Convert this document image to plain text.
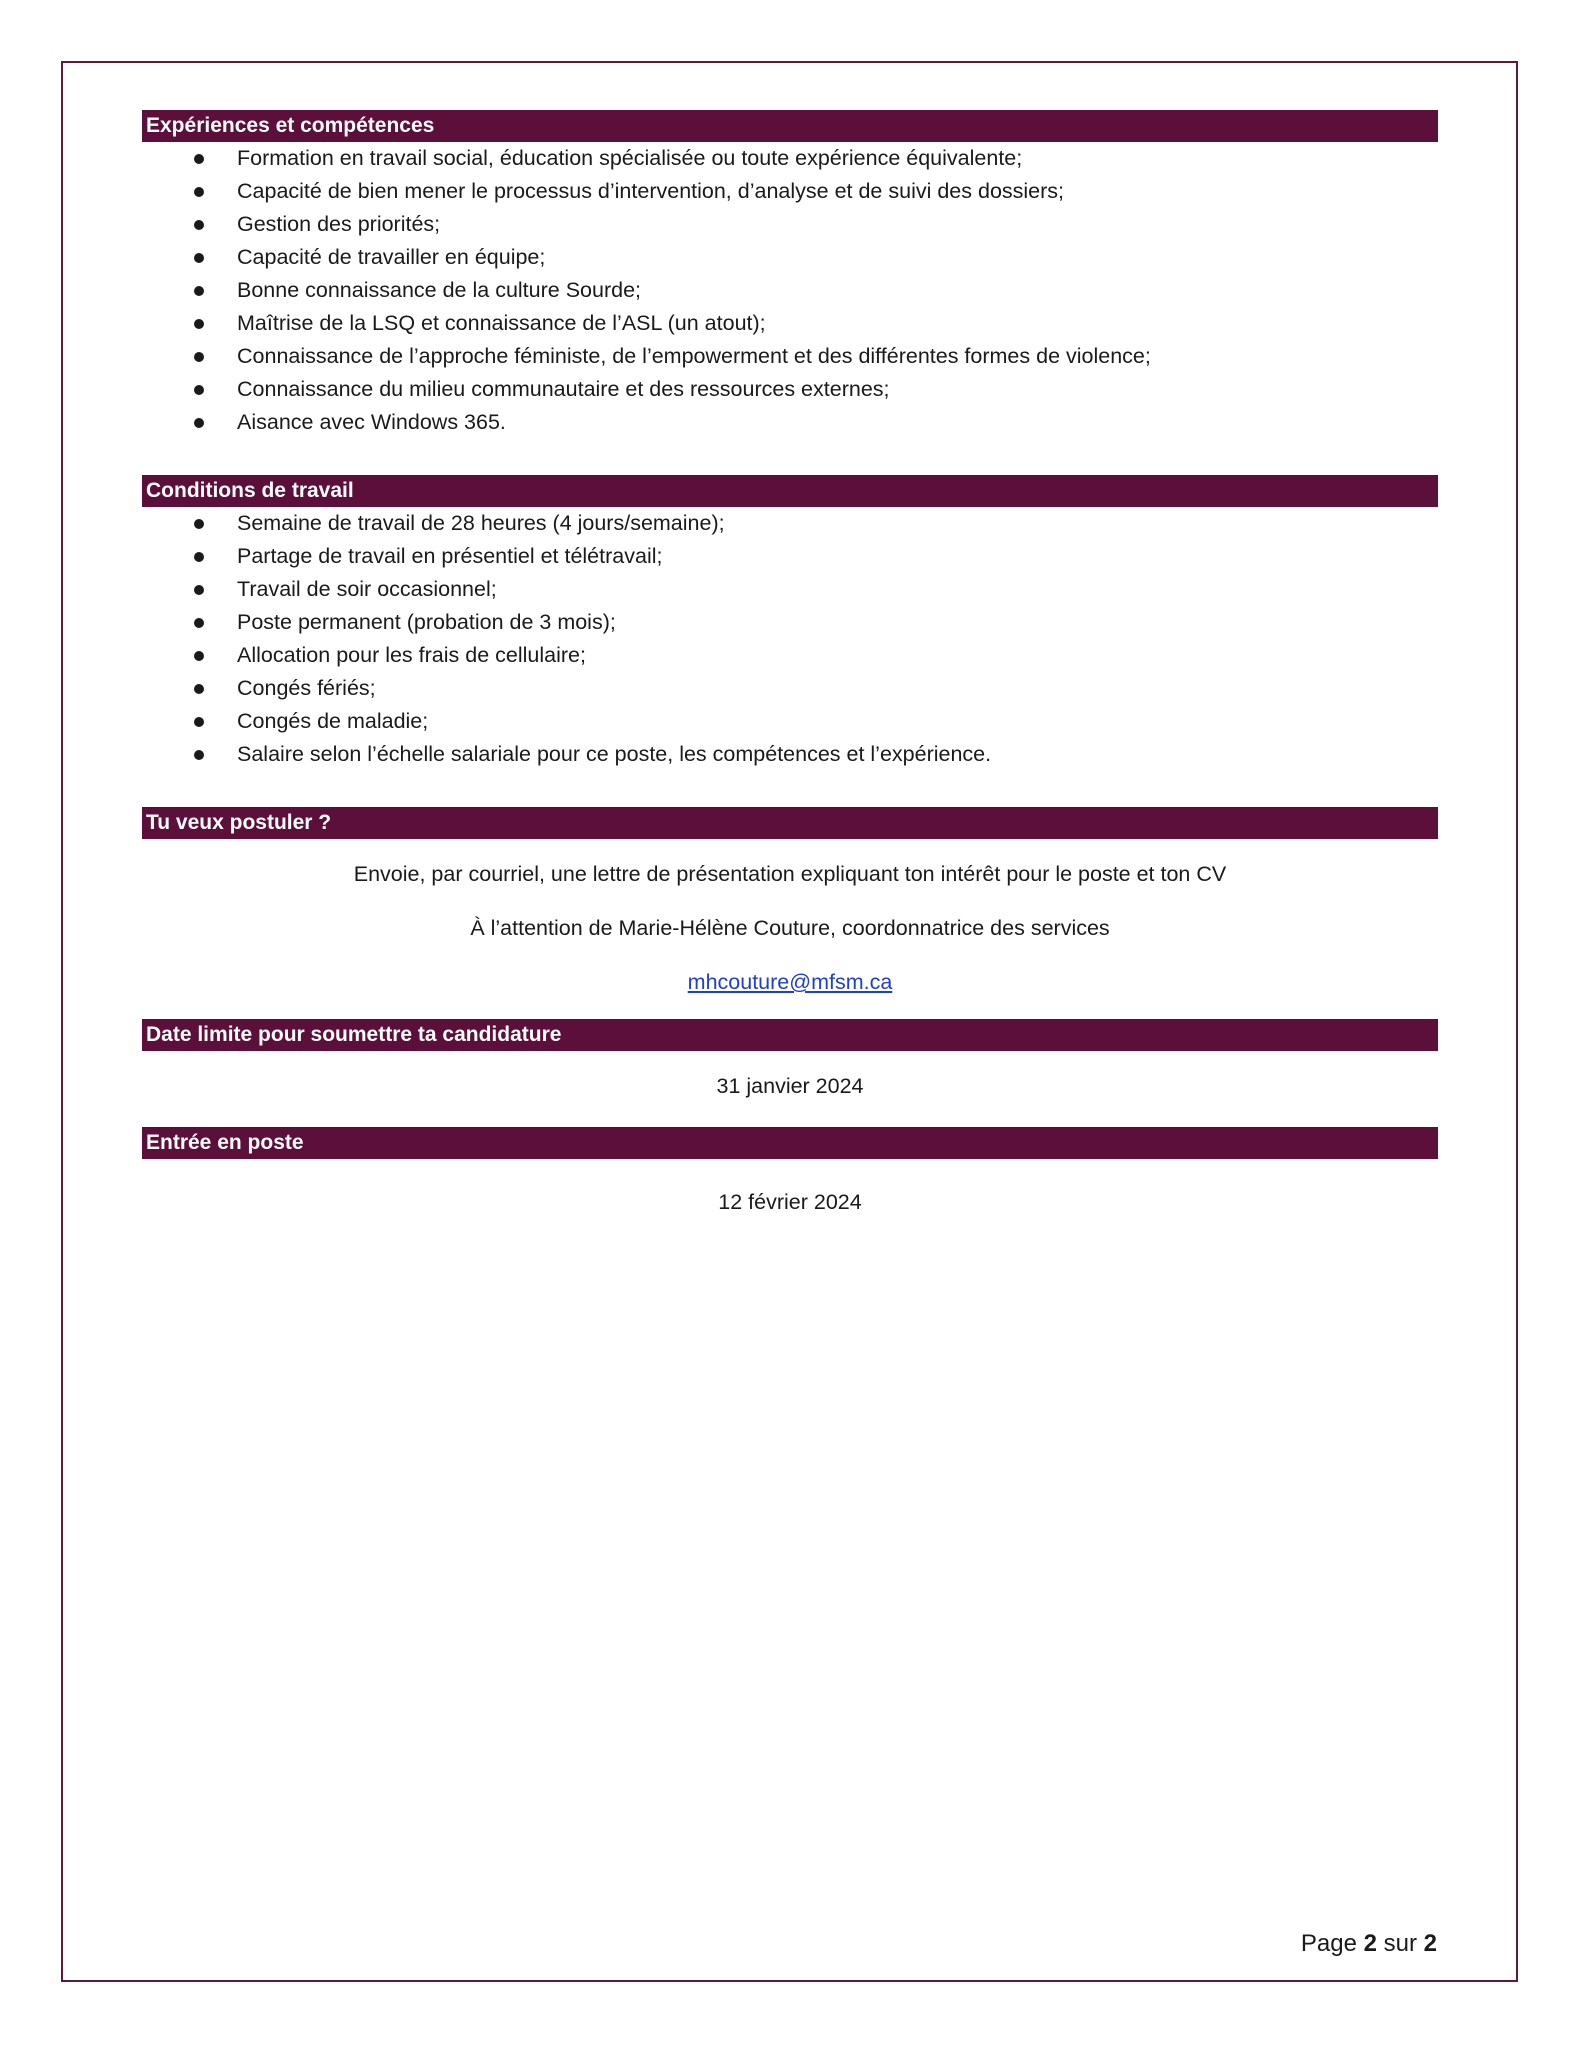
Expériences et compétences
Formation en travail social, éducation spécialisée ou toute expérience équivalente;
Capacité de bien mener le processus d’intervention, d’analyse et de suivi des dossiers;
Gestion des priorités;
Capacité de travailler en équipe;
Bonne connaissance de la culture Sourde;
Maîtrise de la LSQ et connaissance de l’ASL (un atout);
Connaissance de l’approche féministe, de l’empowerment et des différentes formes de violence;
Connaissance du milieu communautaire et des ressources externes;
Aisance avec Windows 365.
Conditions de travail
Semaine de travail de 28 heures (4 jours/semaine);
Partage de travail en présentiel et télétravail;
Travail de soir occasionnel;
Poste permanent (probation de 3 mois);
Allocation pour les frais de cellulaire;
Congés fériés;
Congés de maladie;
Salaire selon l’échelle salariale pour ce poste, les compétences et l’expérience.
Tu veux postuler ?
Envoie, par courriel, une lettre de présentation expliquant ton intérêt pour le poste et ton CV
À l’attention de Marie-Hélène Couture, coordonnatrice des services
mhcouture@mfsm.ca
Date limite pour soumettre ta candidature
31 janvier 2024
Entrée en poste
12 février 2024
Page 2 sur 2
